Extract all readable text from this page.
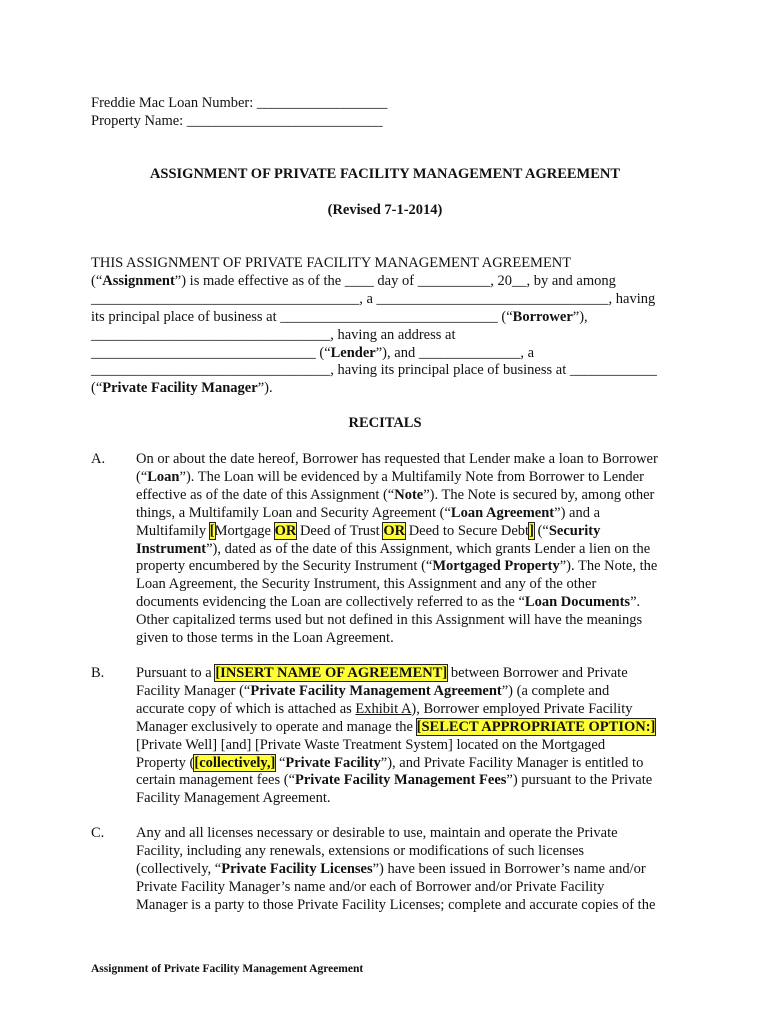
Freddie Mac Loan Number: __________________
Property Name: ___________________________
ASSIGNMENT OF PRIVATE FACILITY MANAGEMENT AGREEMENT
(Revised 7-1-2014)
THIS ASSIGNMENT OF PRIVATE FACILITY MANAGEMENT AGREEMENT
(“Assignment”) is made effective as of the ____ day of __________, 20__, by and among
_____________________________________, a ________________________________, having
its principal place of business at ______________________________ (“Borrower”),
_________________________________, having an address at
_______________________________ (“Lender”), and ______________, a
_________________________________, having its principal place of business at ____________
(“Private Facility Manager”).
RECITALS
A. On or about the date hereof, Borrower has requested that Lender make a loan to Borrower
(“Loan”). The Loan will be evidenced by a Multifamily Note from Borrower to Lender
effective as of the date of this Assignment (“Note”). The Note is secured by, among other
things, a Multifamily Loan and Security Agreement (“Loan Agreement”) and a
Multifamily [Mortgage OR Deed of Trust OR Deed to Secure Debt] (“Security
Instrument”), dated as of the date of this Assignment, which grants Lender a lien on the
property encumbered by the Security Instrument (“Mortgaged Property”). The Note, the
Loan Agreement, the Security Instrument, this Assignment and any of the other
documents evidencing the Loan are collectively referred to as the “Loan Documents”.
Other capitalized terms used but not defined in this Assignment will have the meanings
given to those terms in the Loan Agreement.
B. Pursuant to a [INSERT NAME OF AGREEMENT] between Borrower and Private
Facility Manager (“Private Facility Management Agreement”) (a complete and
accurate copy of which is attached as Exhibit A), Borrower employed Private Facility
Manager exclusively to operate and manage the [SELECT APPROPRIATE OPTION:]
[Private Well] [and] [Private Waste Treatment System] located on the Mortgaged
Property ([collectively,] “Private Facility”), and Private Facility Manager is entitled to
certain management fees (“Private Facility Management Fees”) pursuant to the Private
Facility Management Agreement.
C. Any and all licenses necessary or desirable to use, maintain and operate the Private
Facility, including any renewals, extensions or modifications of such licenses
(collectively, “Private Facility Licenses”) have been issued in Borrower’s name and/or
Private Facility Manager’s name and/or each of Borrower and/or Private Facility
Manager is a party to those Private Facility Licenses; complete and accurate copies of the
Assignment of Private Facility Management Agreement
